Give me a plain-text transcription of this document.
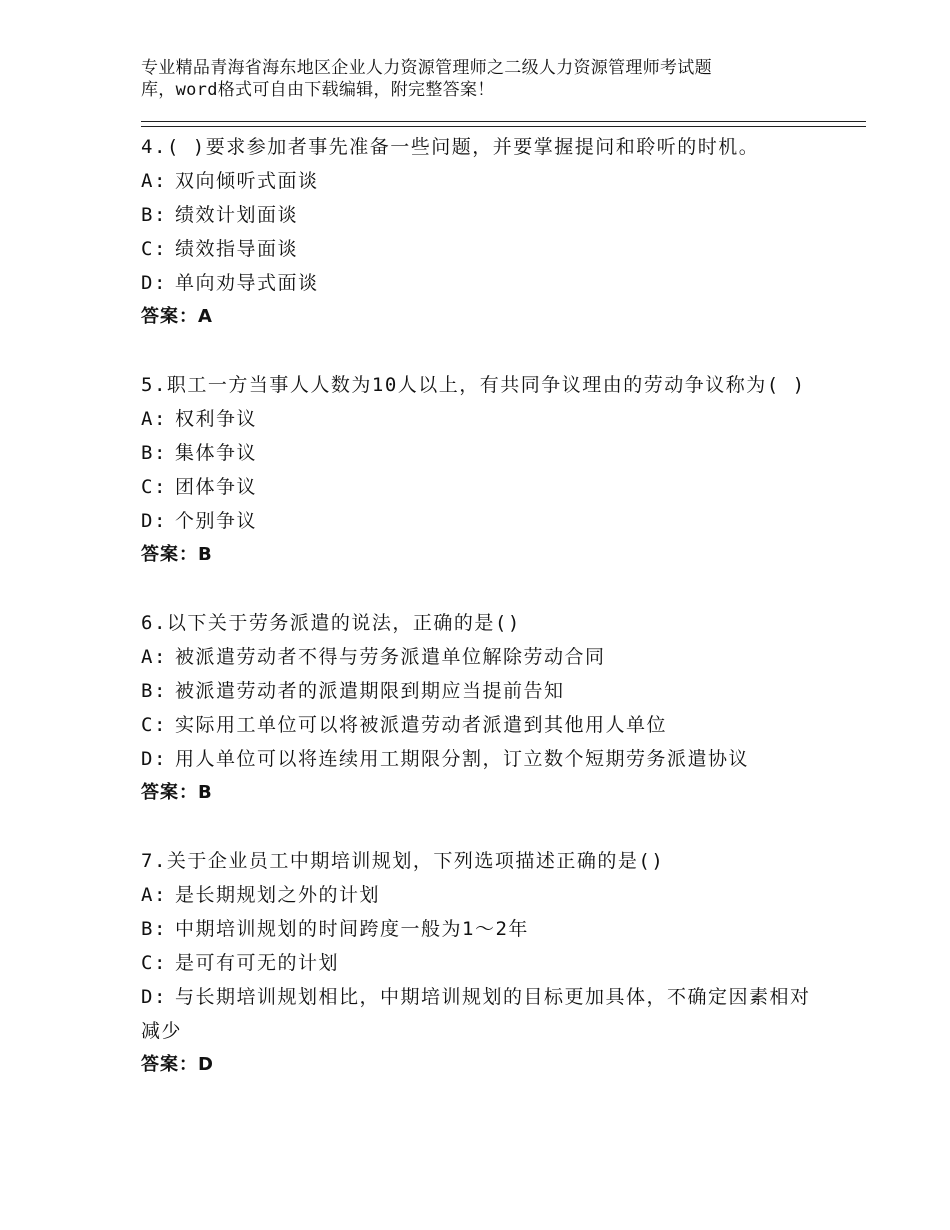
专业精品青海省海东地区企业人力资源管理师之二级人力资源管理师考试题
库，word格式可自由下载编辑，附完整答案！
4.( )要求参加者事先准备一些问题，并要掌握提问和聆听的时机。
A: 双向倾听式面谈
B: 绩效计划面谈
C: 绩效指导面谈
D: 单向劝导式面谈
答案：A
5.职工一方当事人人数为10人以上，有共同争议理由的劳动争议称为( )
A: 权利争议
B: 集体争议
C: 团体争议
D: 个别争议
答案：B
6.以下关于劳务派遣的说法，正确的是()
A: 被派遣劳动者不得与劳务派遣单位解除劳动合同
B: 被派遣劳动者的派遣期限到期应当提前告知
C: 实际用工单位可以将被派遣劳动者派遣到其他用人单位
D: 用人单位可以将连续用工期限分割，订立数个短期劳务派遣协议
答案：B
7.关于企业员工中期培训规划，下列选项描述正确的是()
A: 是长期规划之外的计划
B: 中期培训规划的时间跨度一般为1～2年
C: 是可有可无的计划
D: 与长期培训规划相比，中期培训规划的目标更加具体，不确定因素相对减少
答案：D
